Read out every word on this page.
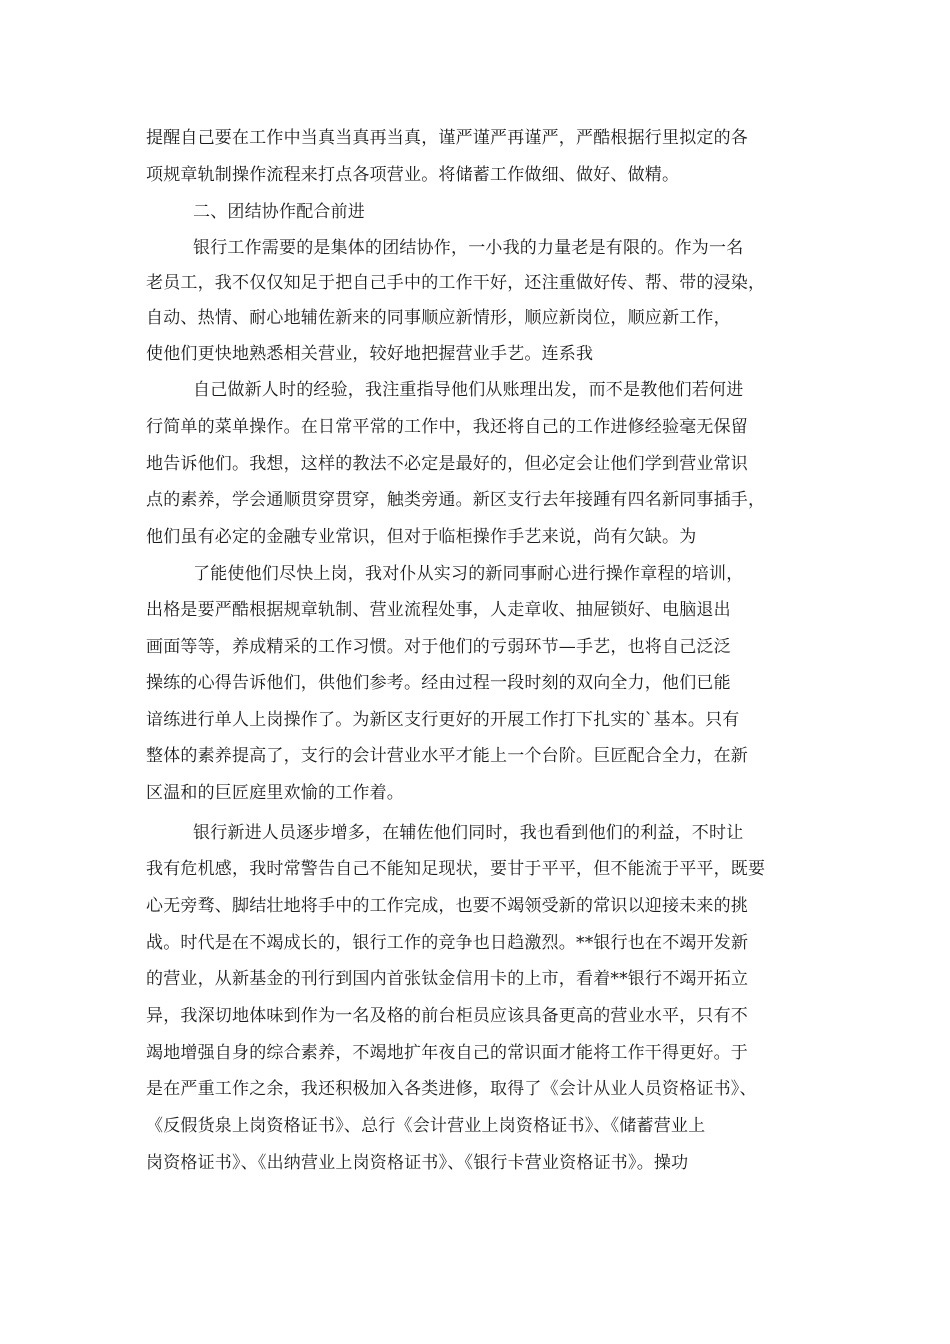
提醒自己要在工作中当真当真再当真，谨严谨严再谨严，严酷根据行里拟定的各
项规章轨制操作流程来打点各项营业。将储蓄工作做细、做好、做精。
二、团结协作配合前进
银行工作需要的是集体的团结协作，一小我的力量老是有限的。作为一名
老员工，我不仅仅知足于把自己手中的工作干好，还注重做好传、帮、带的浸染，
自动、热情、耐心地辅佐新来的同事顺应新情形，顺应新岗位，顺应新工作，
使他们更快地熟悉相关营业，较好地把握营业手艺。连系我
自己做新人时的经验，我注重指导他们从账理出发，而不是教他们若何进
行简单的菜单操作。在日常平常的工作中，我还将自己的工作进修经验毫无保留
地告诉他们。我想，这样的教法不必定是最好的，但必定会让他们学到营业常识
点的素养，学会通顺贯穿贯穿，触类旁通。新区支行去年接踵有四名新同事插手，
他们虽有必定的金融专业常识，但对于临柜操作手艺来说，尚有欠缺。为
了能使他们尽快上岗，我对仆从实习的新同事耐心进行操作章程的培训，
出格是要严酷根据规章轨制、营业流程处事，人走章收、抽屉锁好、电脑退出
画面等等，养成精采的工作习惯。对于他们的亏弱环节—手艺，也将自己泛泛
操练的心得告诉他们，供他们参考。经由过程一段时刻的双向全力，他们已能
谙练进行单人上岗操作了。为新区支行更好的开展工作打下扎实的`基本。只有
整体的素养提高了，支行的会计营业水平才能上一个台阶。巨匠配合全力，在新
区温和的巨匠庭里欢愉的工作着。
银行新进人员逐步增多，在辅佐他们同时，我也看到他们的利益，不时让
我有危机感，我时常警告自己不能知足现状，要甘于平平，但不能流于平平，既要
心无旁骛、脚结壮地将手中的工作完成，也要不竭领受新的常识以迎接未来的挑
战。时代是在不竭成长的，银行工作的竞争也日趋激烈。**银行也在不竭开发新
的营业，从新基金的刊行到国内首张钛金信用卡的上市，看着**银行不竭开拓立
异，我深切地体味到作为一名及格的前台柜员应该具备更高的营业水平，只有不
竭地增强自身的综合素养，不竭地扩年夜自己的常识面才能将工作干得更好。于
是在严重工作之余，我还积极加入各类进修，取得了《会计从业人员资格证书》、
《反假货泉上岗资格证书》、总行《会计营业上岗资格证书》、《储蓄营业上
岗资格证书》、《出纳营业上岗资格证书》、《银行卡营业资格证书》。操功
